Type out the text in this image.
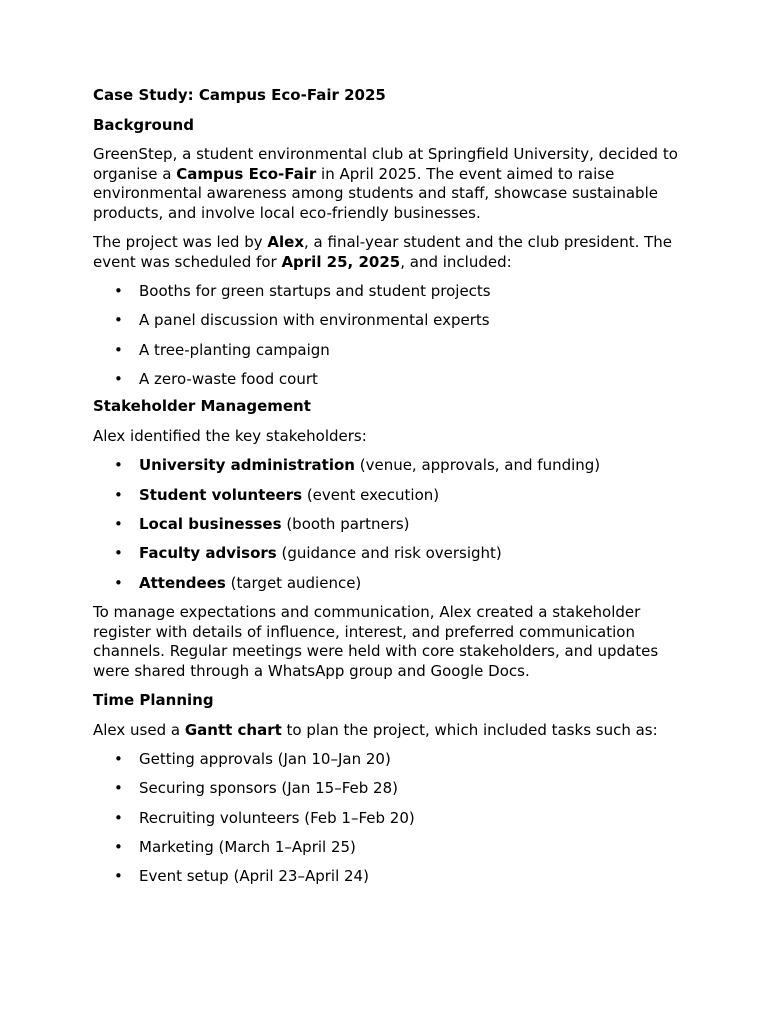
Case Study: Campus Eco-Fair 2025
Background

GreenStep, a student environmental club at Springfield University, decided to organise a Campus Eco-Fair in April 2025. The event aimed to raise environmental awareness among students and staff, showcase sustainable products, and involve local eco-friendly businesses.

The project was led by Alex, a final-year student and the club president. The event was scheduled for April 25, 2025, and included:

• Booths for green startups and student projects
• A panel discussion with environmental experts
• A tree-planting campaign
• A zero-waste food court
Stakeholder Management

Alex identified the key stakeholders:

• University administration (venue, approvals, and funding)
• Student volunteers (event execution)
• Local businesses (booth partners)
• Faculty advisors (guidance and risk oversight)
• Attendees (target audience)

To manage expectations and communication, Alex created a stakeholder register with details of influence, interest, and preferred communication channels. Regular meetings were held with core stakeholders, and updates were shared through a WhatsApp group and Google Docs.

Time Planning

Alex used a Gantt chart to plan the project, which included tasks such as:

• Getting approvals (Jan 10–Jan 20)
• Securing sponsors (Jan 15–Feb 28)
• Recruiting volunteers (Feb 1–Feb 20)
• Marketing (March 1–April 25)
• Event setup (April 23–April 24)
